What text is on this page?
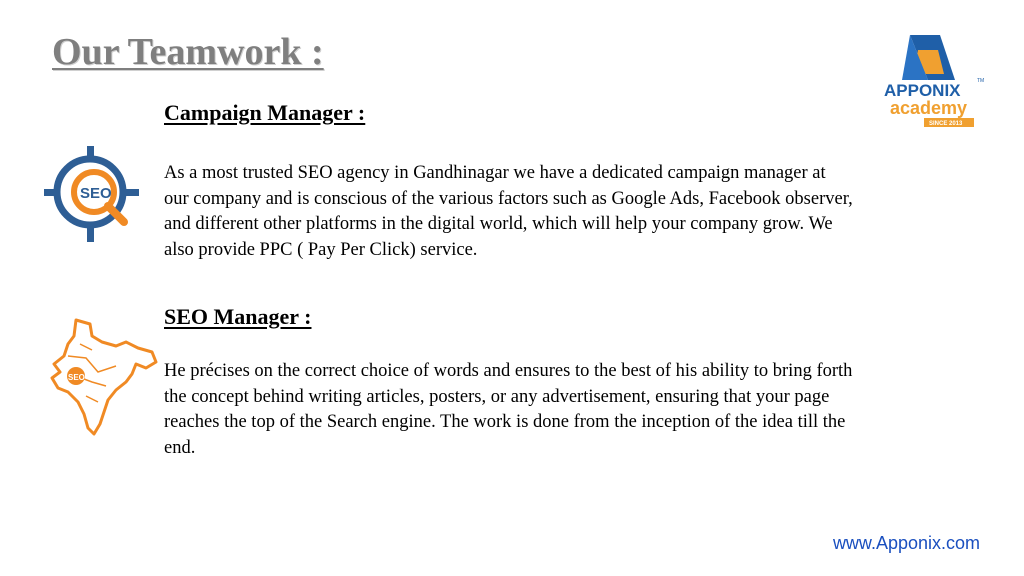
Our Teamwork :
APPONIX	TM
academy
SINCE 2013
Campaign Manager :
SEO

As a most trusted SEO agency in Gandhinagar we have a dedicated campaign manager at our company and is conscious of the various factors such as Google Ads, Facebook observer, and different other platforms in the digital world, which will help your company grow. We also provide PPC ( Pay Per Click) service.

SEO Manager :
SEO	He précises on the correct choice of words and ensures to the best of his ability to bring forth the concept behind writing articles, posters, or any advertisement, ensuring that your page reaches the top of the Search engine. The work is done from the inception of the idea till the end.

www.Apponix.com
